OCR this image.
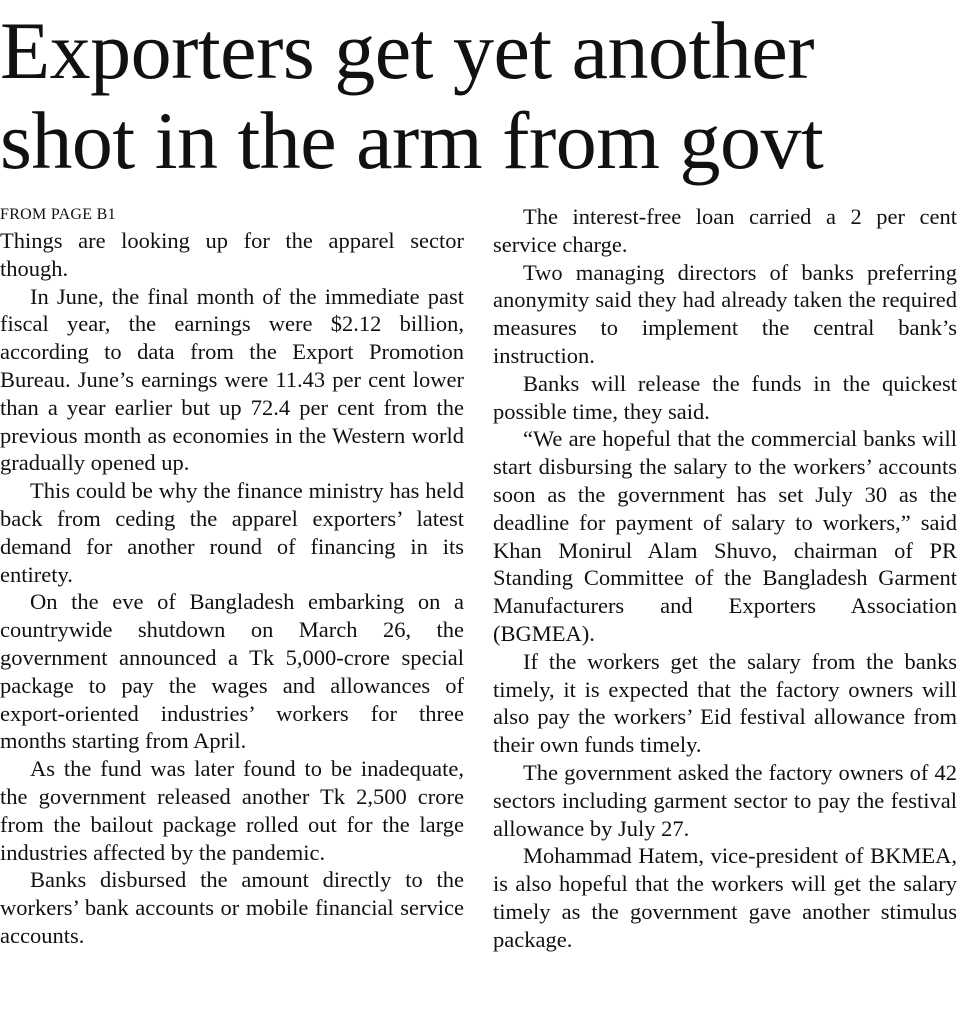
Exporters get yet another
shot in the arm from govt
FROM PAGE B1

Things are looking up for the apparel sector though.

In June, the final month of the immediate past fiscal year, the earnings were $2.12 billion, according to data from the Export Promotion Bureau. June’s earnings were 11.43 per cent lower than a year earlier but up 72.4 per cent from the previous month as economies in the Western world gradually opened up.

This could be why the finance ministry has held back from ceding the apparel exporters’ latest demand for another round of financing in its entirety.

On the eve of Bangladesh embarking on a countrywide shutdown on March 26, the government announced a Tk 5,000-crore special package to pay the wages and allowances of export-oriented industries’ workers for three months starting from April.

As the fund was later found to be inadequate, the government released another Tk 2,500 crore from the bailout package rolled out for the large industries affected by the pandemic.

Banks disbursed the amount directly to the workers’ bank accounts or mobile financial service accounts.

The interest-free loan carried a 2 per cent service charge.

Two managing directors of banks preferring anonymity said they had already taken the required measures to implement the central bank’s instruction.

Banks will release the funds in the quickest possible time, they said.

“We are hopeful that the commercial banks will start disbursing the salary to the workers’ accounts soon as the government has set July 30 as the deadline for payment of salary to workers,” said Khan Monirul Alam Shuvo, chairman of PR Standing Committee of the Bangladesh Garment Manufacturers and Exporters Association (BGMEA).

If the workers get the salary from the banks timely, it is expected that the factory owners will also pay the workers’ Eid festival allowance from their own funds timely.

The government asked the factory owners of 42 sectors including garment sector to pay the festival allowance by July 27.

Mohammad Hatem, vice-president of BKMEA, is also hopeful that the workers will get the salary timely as the government gave another stimulus package.
